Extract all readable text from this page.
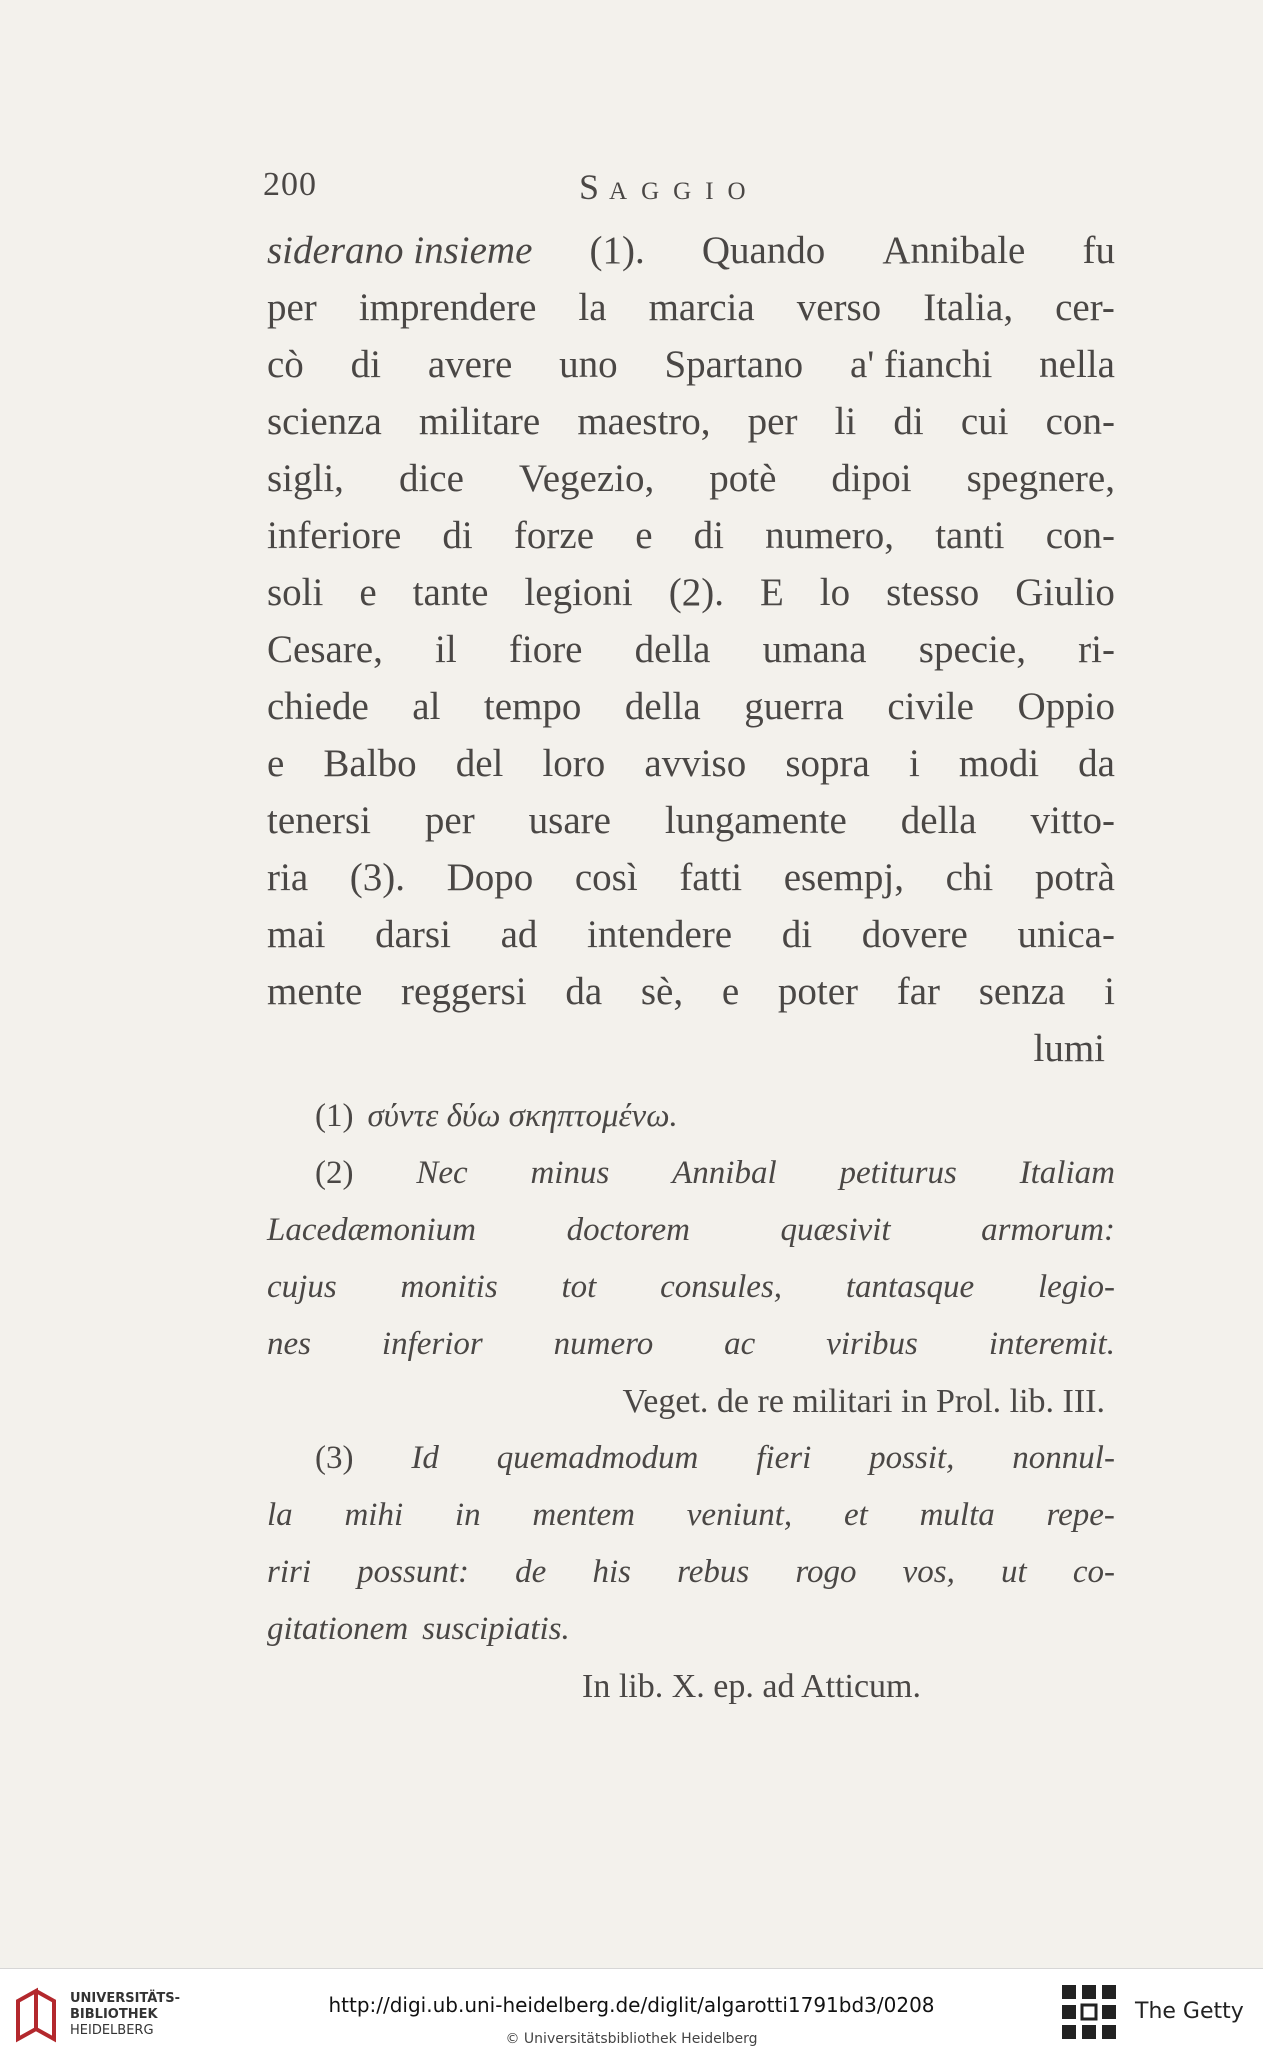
200	SAGGIO
siderano insieme (1). Quando Annibale fu
per imprendere la marcia verso Italia, cer-
cò di avere uno Spartano a' fianchi nella
scienza militare maestro, per li di cui con-
sigli, dice Vegezio, potè dipoi spegnere,
inferiore di forze e di numero, tanti con-
soli e tante legioni (2). E lo stesso Giulio
Cesare, il fiore della umana specie, ri-
chiede al tempo della guerra civile Oppio
e Balbo del loro avviso sopra i modi da
tenersi per usare lungamente della vitto-
ria (3). Dopo così fatti esempj, chi potrà
mai darsi ad intendere di dovere unica-
mente reggersi da sè, e poter far senza i
lumi
(1) σύντε δύω σκηπτομένω.
(2) Nec minus Annibal petiturus Italiam
Lacedæmonium	doctorem	quæsivit	armorum:
cujus monitis tot consules, tantasque legio-
nes inferior numero ac viribus interemit.
Veget. de re militari in Prol. lib. III.
(3) Id quemadmodum fieri possit, nonnul-
la mihi in mentem veniunt, et multa repe-
riri possunt: de his rebus rogo vos, ut co-
gitationem suscipiatis.
In lib. X. ep. ad Atticum.
UNIVERSITÄTS-
BIBLIOTHEK
HEIDELBERG
http://digi.ub.uni-heidelberg.de/diglit/algarotti1791bd3/0208
© Universitätsbibliothek Heidelberg
The Getty
